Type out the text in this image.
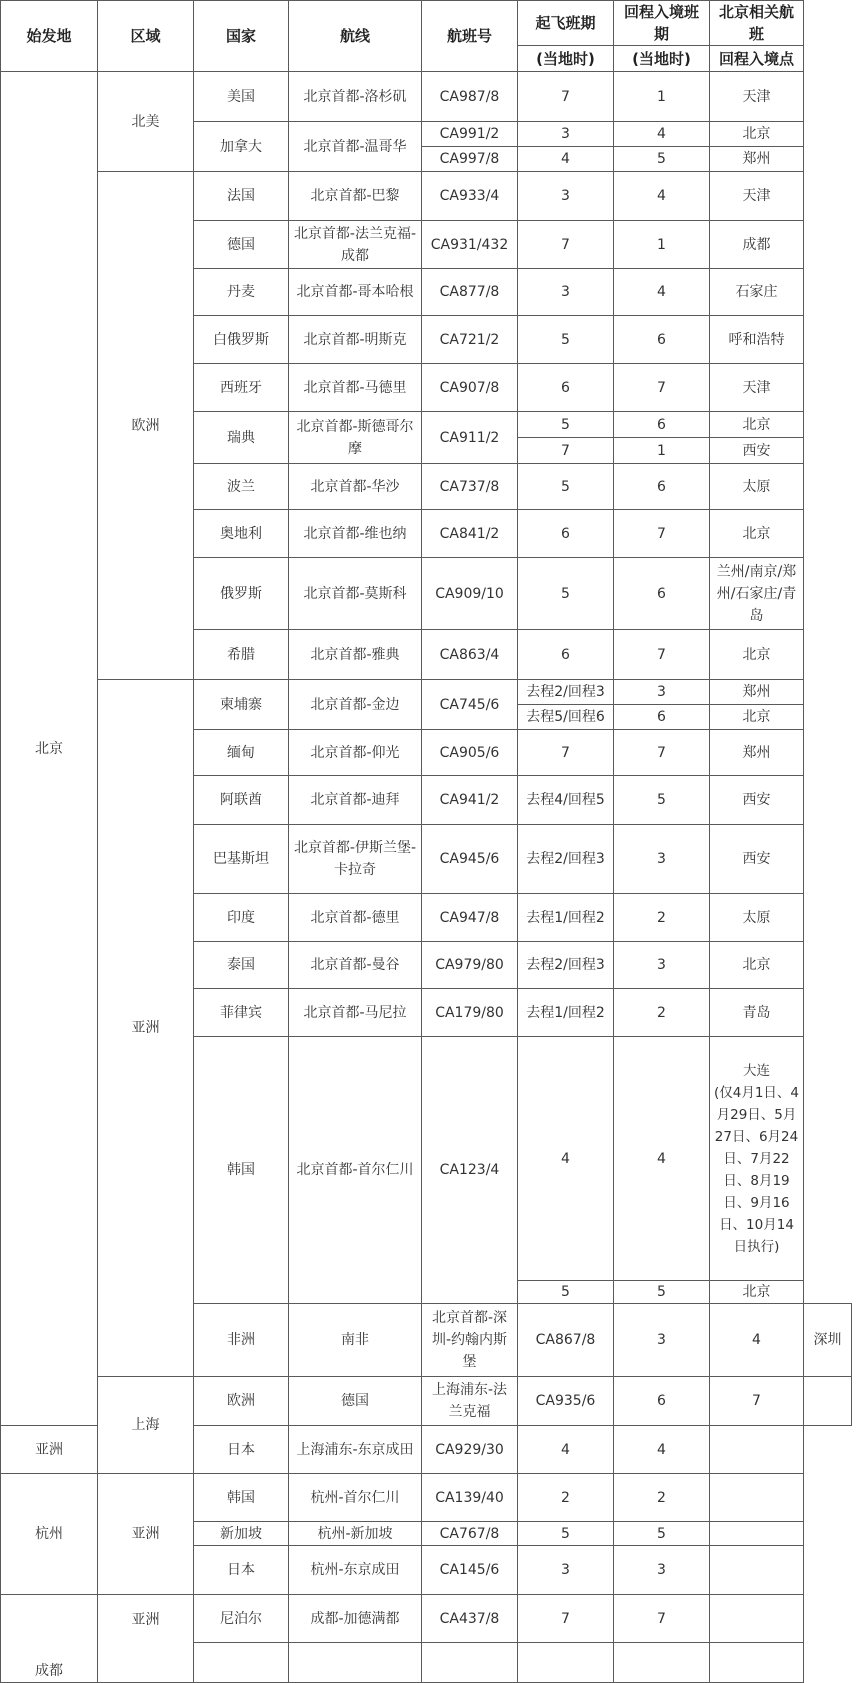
始发地	区域	国家	航线	航班号	起飞班期	回程入境班期	北京相关航班	
					(当地时)	(当地时)	回程入境点	
北京	北美	美国	北京首都-洛杉矶	CA987/8	7	1	天津	
		加拿大	北京首都-温哥华	CA991/2	3	4	北京	
				CA997/8	4	5	郑州	
	欧洲	法国	北京首都-巴黎	CA933/4	3	4	天津	
		德国	北京首都-法兰克福-成都	CA931/432	7	1	成都	
		丹麦	北京首都-哥本哈根	CA877/8	3	4	石家庄	
		白俄罗斯	北京首都-明斯克	CA721/2	5	6	呼和浩特	
		西班牙	北京首都-马德里	CA907/8	6	7	天津	
		瑞典	北京首都-斯德哥尔摩	CA911/2	5	6	北京	
					7	1	西安	
		波兰	北京首都-华沙	CA737/8	5	6	太原	
		奥地利	北京首都-维也纳	CA841/2	6	7	北京	
		俄罗斯	北京首都-莫斯科	CA909/10	5	6	兰州/南京/郑州/石家庄/青岛	
		希腊	北京首都-雅典	CA863/4	6	7	北京	
	亚洲	柬埔寨	北京首都-金边	CA745/6	去程2/回程3	3	郑州	
					去程5/回程6	6	北京	
		缅甸	北京首都-仰光	CA905/6	7	7	郑州	
		阿联酋	北京首都-迪拜	CA941/2	去程4/回程5	5	西安	
		巴基斯坦	北京首都-伊斯兰堡-卡拉奇	CA945/6	去程2/回程3	3	西安	
		印度	北京首都-德里	CA947/8	去程1/回程2	2	太原	
		泰国	北京首都-曼谷	CA979/80	去程2/回程3	3	北京	
		菲律宾	北京首都-马尼拉	CA179/80	去程1/回程2	2	青岛	
		韩国	北京首都-首尔仁川	CA123/4	4	4	大连
(仅4月1日、4月29日、5月27日、6月24日、7月22日、8月19日、9月16日、10月14日执行)	

					5	5	北京	
		非洲	南非	北京首都-深圳-约翰内斯堡	CA867/8	3	4	深圳
	上海	欧洲	德国	上海浦东-法兰克福	CA935/6	6	7	
亚洲		日本	上海浦东-东京成田	CA929/30	4	4		
杭州	亚洲	韩国	杭州-首尔仁川	CA139/40	2	2		
		新加坡	杭州-新加坡	CA767/8	5	5		
		日本	杭州-东京成田	CA145/6	3	3		
成都	亚洲	尼泊尔	成都-加德满都	CA437/8	7	7		
